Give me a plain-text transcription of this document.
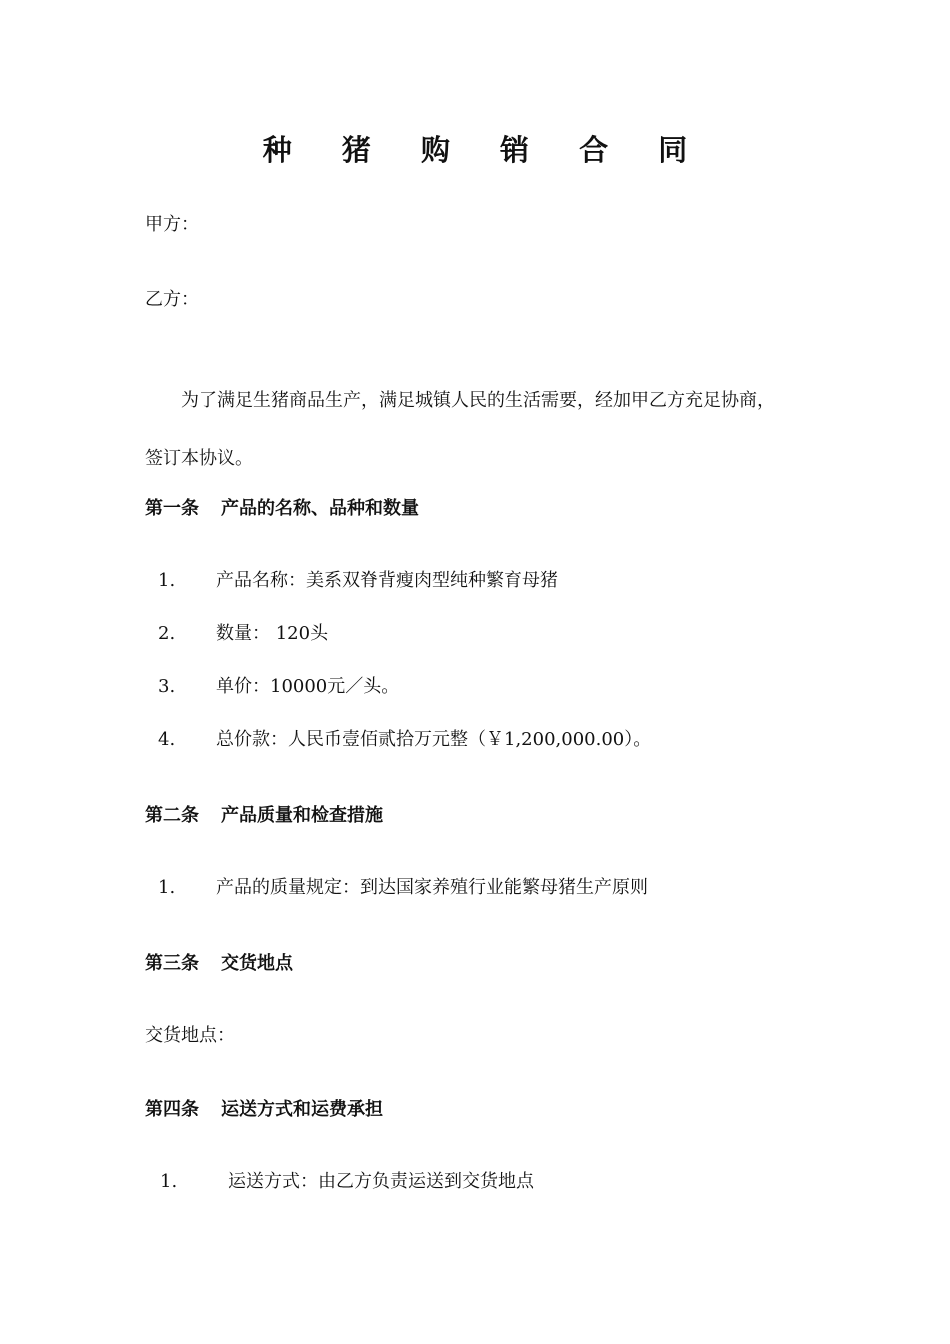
种 猪 购 销 合 同
甲方：
乙方：
为了满足生猪商品生产，满足城镇人民的生活需要，经加甲乙方充足协商，
签订本协议。
第一条 产品的名称、品种和数量
1. 产品名称：美系双脊背瘦肉型纯种繁育母猪
2. 数量： 120头
3. 单价：10000元／头。
4. 总价款：人民币壹佰贰拾万元整（￥1,200,000.00）。
第二条 产品质量和检查措施
1. 产品的质量规定：到达国家养殖行业能繁母猪生产原则
第三条 交货地点
交货地点：
第四条 运送方式和运费承担
1.	运送方式：由乙方负责运送到交货地点
